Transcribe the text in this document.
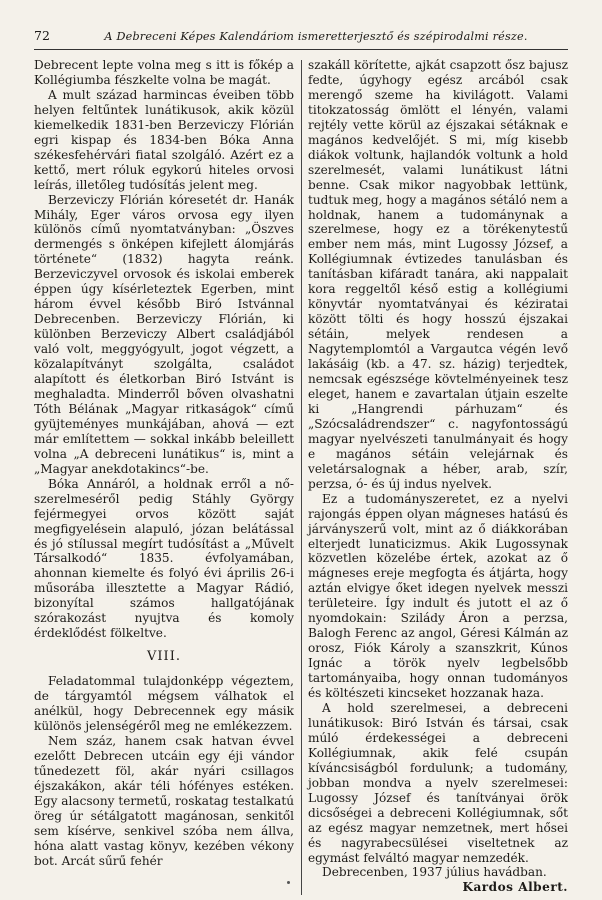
72	A Debreceni Képes Kalendáriom ismeretterjesztő és szépirodalmi része.

Debrecent lepte volna meg s itt is főkép a Kollégiumba fészkelte volna be magát.

A mult század harmincas éveiben több helyen feltűntek lunátikusok, akik közül kiemelkedik 1831-ben Berzeviczy Flórián egri kispap és 1834-ben Bóka Anna székesfehérvári fiatal szolgáló. Azért ez a kettő, mert róluk egykorú hiteles orvosi leírás, illetőleg tudósítás jelent meg.

Berzeviczy Flórián kóresetét dr. Hanák Mihály, Eger város orvosa egy ilyen különös című nyomtatványban: „Öszves dermengés s önképen kifejlett álomjárás története“ (1832) hagyta reánk. Berzeviczyvel orvosok és iskolai emberek éppen úgy kísérleteztek Egerben, mint három évvel később Biró Istvánnal Debrecenben. Berzeviczy Flórián, ki különben Berzeviczy Albert családjából való volt, meggyógyult, jogot végzett, a közalapítványt szolgálta, családot alapított és életkorban Biró Istvánt is meghaladta. Minderről bőven olvashatni Tóth Bélának „Magyar ritkaságok“ című gyüjteményes munkájában, ahová — ezt már említettem — sokkal inkább beleillett volna „A debreceni lunátikus“ is, mint a „Magyar anekdotakincs“-be.

Bóka Annáról, a holdnak erről a nő-szerelmeséről pedig Stáhly György fejérmegyei orvos között saját megfigyelésein alapuló, józan belátással és jó stílussal megírt tudósítást a „Művelt Társalkodó“ 1835. évfolyamában, ahonnan kiemelte és folyó évi április 26-i műsorába illesztette a Magyar Rádió, bizonyítal számos hallgatójának szórakozást nyujtva és komoly érdeklődést fölkeltve.

VIII.

Feladatommal tulajdonképp végeztem, de tárgyamtól mégsem válhatok el anélkül, hogy Debrecennek egy másik különös jelenségéről meg ne emlékezzem.

Nem száz, hanem csak hatvan évvel ezelőtt Debrecen utcáin egy éji vándor tűnedezett föl, akár nyári csillagos éjszakákon, akár téli hófényes estéken. Egy alacsony termetű, roskatag testalkatú öreg úr sétálgatott magánosan, senkitől sem kísérve, senkivel szóba nem állva, hóna alatt vastag könyv, kezében vékony bot. Arcát sűrű fehér

szakáll körítette, ajkát csapzott ősz bajusz fedte, úgyhogy egész arcából csak merengő szeme ha kivilágott. Valami titokzatosság ömlött el lényén, valami rejtély vette körül az éjszakai sétáknak e magános kedvelőjét. S mi, míg kisebb diákok voltunk, hajlandók voltunk a hold szerelmesét, valami lunátikust látni benne. Csak mikor nagyobbak lettünk, tudtuk meg, hogy a magános sétáló nem a holdnak, hanem a tudománynak a szerelmese, hogy ez a törékenytestű ember nem más, mint Lugossy József, a Kollégiumnak évtizedes tanulásban és tanításban kifáradt tanára, aki nappalait kora reggeltől késő estig a kollégiumi könyvtár nyomtatványai és kéziratai között tölti és hogy hosszú éjszakai sétáin, melyek rendesen a Nagytemplomtól a Vargautca végén levő lakásáig (kb. a 47. sz. házig) terjedtek, nemcsak egészsége kövtelményeinek tesz eleget, hanem e zavartalan útjain eszelte ki „Hangrendi párhuzam“ és „Szócsaládrendszer“ c. nagyfontosságú magyar nyelvészeti tanulmányait és hogy e magános sétáin velejárnak és veletársalognak a héber, arab, szír, perzsa, ó- és új indus nyelvek.

Ez a tudományszeretet, ez a nyelvi rajongás éppen olyan mágneses hatású és járványszerű volt, mint az ő diákkorában elterjedt lunaticizmus. Akik Lugossynak közvetlen közelébe értek, azokat az ő mágneses ereje megfogta és átjárta, hogy aztán elvigye őket idegen nyelvek messzi területeire. Így indult és jutott el az ő nyomdokain: Szilády Áron a perzsa, Balogh Ferenc az angol, Géresi Kálmán az orosz, Fiók Károly a szanszkrit, Kúnos Ignác a török nyelv legbelsőbb tartományaiba, hogy onnan tudományos és költészeti kincseket hozzanak haza.

A hold szerelmesei, a debreceni lunátikusok: Biró István és társai, csak múló érdekességei a debreceni Kollégiumnak, akik felé csupán kíváncsiságból fordulunk; a tudomány, jobban mondva a nyelv szerelmesei: Lugossy József és tanítványai örök dicsőségei a debreceni Kollégiumnak, sőt az egész magyar nemzetnek, mert hősei és nagyrabecsülései viseltetnek az egymást felváltó magyar nemzedék.

Debrecenben, 1937 július havádban.

Kardos Albert.
